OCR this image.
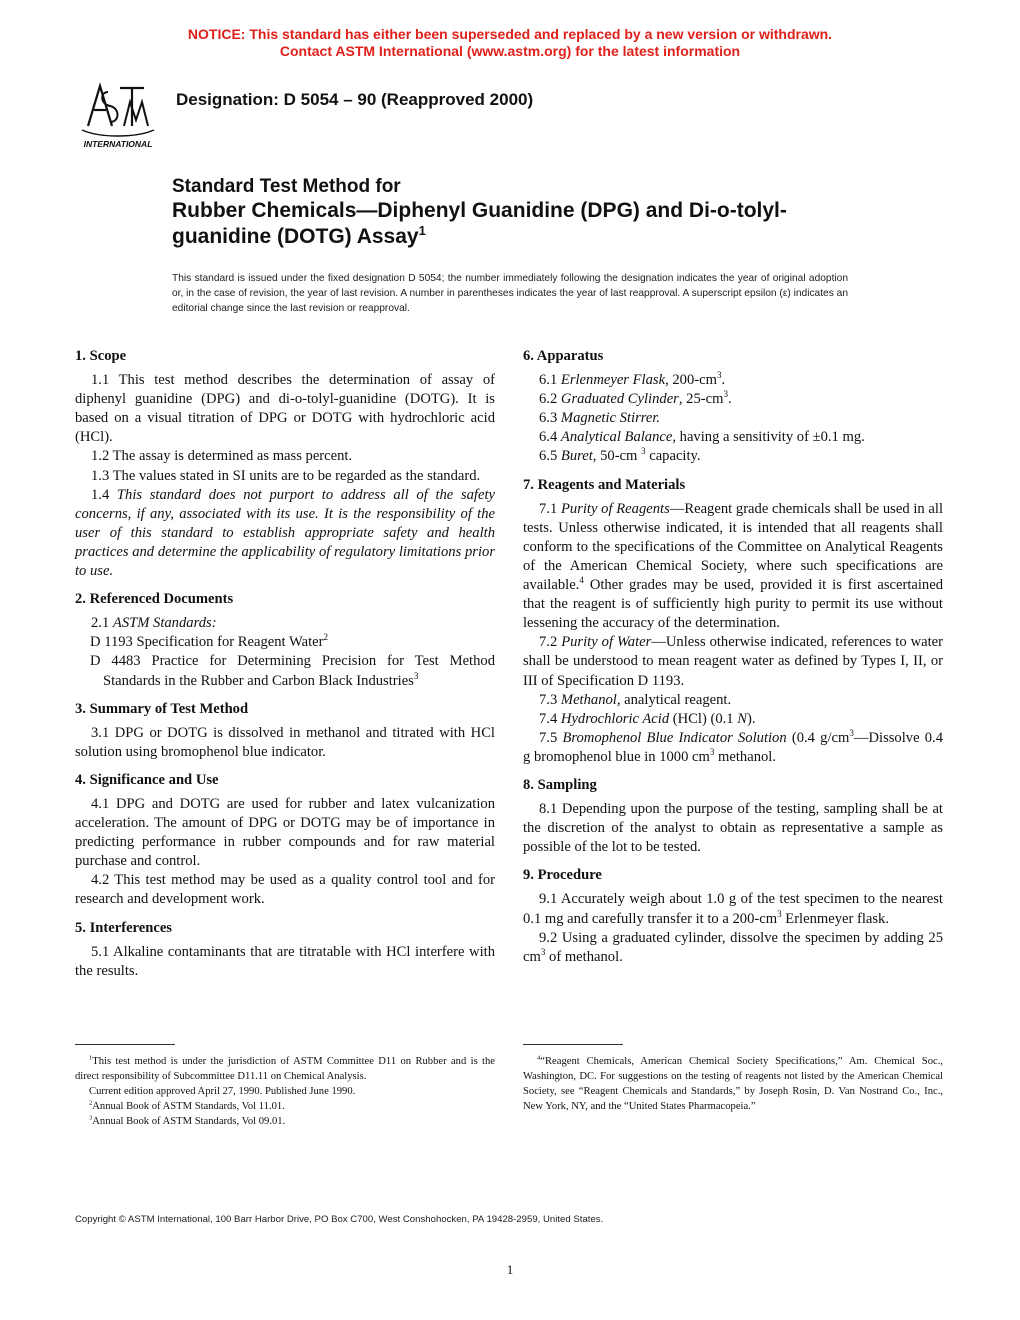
NOTICE: This standard has either been superseded and replaced by a new version or withdrawn.
Contact ASTM International (www.astm.org) for the latest information
INTERNATIONAL
Designation: D 5054 – 90 (Reapproved 2000)
Standard Test Method for
Rubber Chemicals—Diphenyl Guanidine (DPG) and Di-o-tolyl-guanidine (DOTG) Assay$^1$
This standard is issued under the fixed designation D 5054; the number immediately following the designation indicates the year of original adoption or, in the case of revision, the year of last revision. A number in parentheses indicates the year of last reapproval. A superscript epsilon (ε) indicates an editorial change since the last revision or reapproval.
1. Scope

1.1 This test method describes the determination of assay of diphenyl guanidine (DPG) and di-o-tolyl-guanidine (DOTG). It is based on a visual titration of DPG or DOTG with hydrochloric acid (HCl).

1.2 The assay is determined as mass percent.

1.3 The values stated in SI units are to be regarded as the standard.

1.4 This standard does not purport to address all of the safety concerns, if any, associated with its use. It is the responsibility of the user of this standard to establish appropriate safety and health practices and determine the applicability of regulatory limitations prior to use.

2. Referenced Documents

2.1 ASTM Standards:

D 1193 Specification for Reagent Water$^2$

D 4483 Practice for Determining Precision for Test Method Standards in the Rubber and Carbon Black Industries$^3$

3. Summary of Test Method

3.1 DPG or DOTG is dissolved in methanol and titrated with HCl solution using bromophenol blue indicator.

4. Significance and Use

4.1 DPG and DOTG are used for rubber and latex vulcanization acceleration. The amount of DPG or DOTG may be of importance in predicting performance in rubber compounds and for raw material purchase and control.

4.2 This test method may be used as a quality control tool and for research and development work.

5. Interferences

5.1 Alkaline contaminants that are titratable with HCl interfere with the results.

6. Apparatus

6.1 Erlenmeyer Flask, $200-cm^3$.

6.2 Graduated Cylinder, $25-cm^3$.

6.3 Magnetic Stirrer.

6.4 Analytical Balance, having a sensitivity of ±0.1 mg.

6.5 Buret, 50-cm $^3$ capacity.

7. Reagents and Materials

7.1 Purity of Reagents—Reagent grade chemicals shall be used in all tests. Unless otherwise indicated, it is intended that all reagents shall conform to the specifications of the Committee on Analytical Reagents of the American Chemical Society, where such specifications are available.$^4$ Other grades may be used, provided it is first ascertained that the reagent is of sufficiently high purity to permit its use without lessening the accuracy of the determination.

7.2 Purity of Water—Unless otherwise indicated, references to water shall be understood to mean reagent water as defined by Types I, II, or III of Specification D 1193.

7.3 Methanol, analytical reagent.

7.4 Hydrochloric Acid (HCl) (0.1 N).

7.5 Bromophenol Blue Indicator Solution (0.4 $g/cm^3—Dissolve$ 0.4 g bromophenol blue in 1000 $cm^3$ methanol.

8. Sampling

8.1 Depending upon the purpose of the testing, sampling shall be at the discretion of the analyst to obtain as representative a sample as possible of the lot to be tested.

9. Procedure

9.1 Accurately weigh about 1.0 g of the test specimen to the nearest 0.1 mg and carefully transfer it to a $200-cm^3$ Erlenmeyer flask.

9.2 Using a graduated cylinder, dissolve the specimen by adding 25 $cm^3$ of methanol.

$^1$This test method is under the jurisdiction of ASTM Committee D11 on Rubber and is the direct responsibility of Subcommittee D11.11 on Chemical Analysis.

Current edition approved April 27, 1990. Published June 1990.

$^2$Annual Book of ASTM Standards, Vol 11.01.

$^3$Annual Book of ASTM Standards, Vol 09.01.

$^4$“Reagent Chemicals, American Chemical Society Specifications,” Am. Chemical Soc., Washington, DC. For suggestions on the testing of reagents not listed by the American Chemical Society, see “Reagent Chemicals and Standards,” by Joseph Rosin, D. Van Nostrand Co., Inc., New York, NY, and the “United States Pharmacopeia.”

Copyright © ASTM International, 100 Barr Harbor Drive, PO Box C700, West Conshohocken, PA 19428-2959, United States.
1
